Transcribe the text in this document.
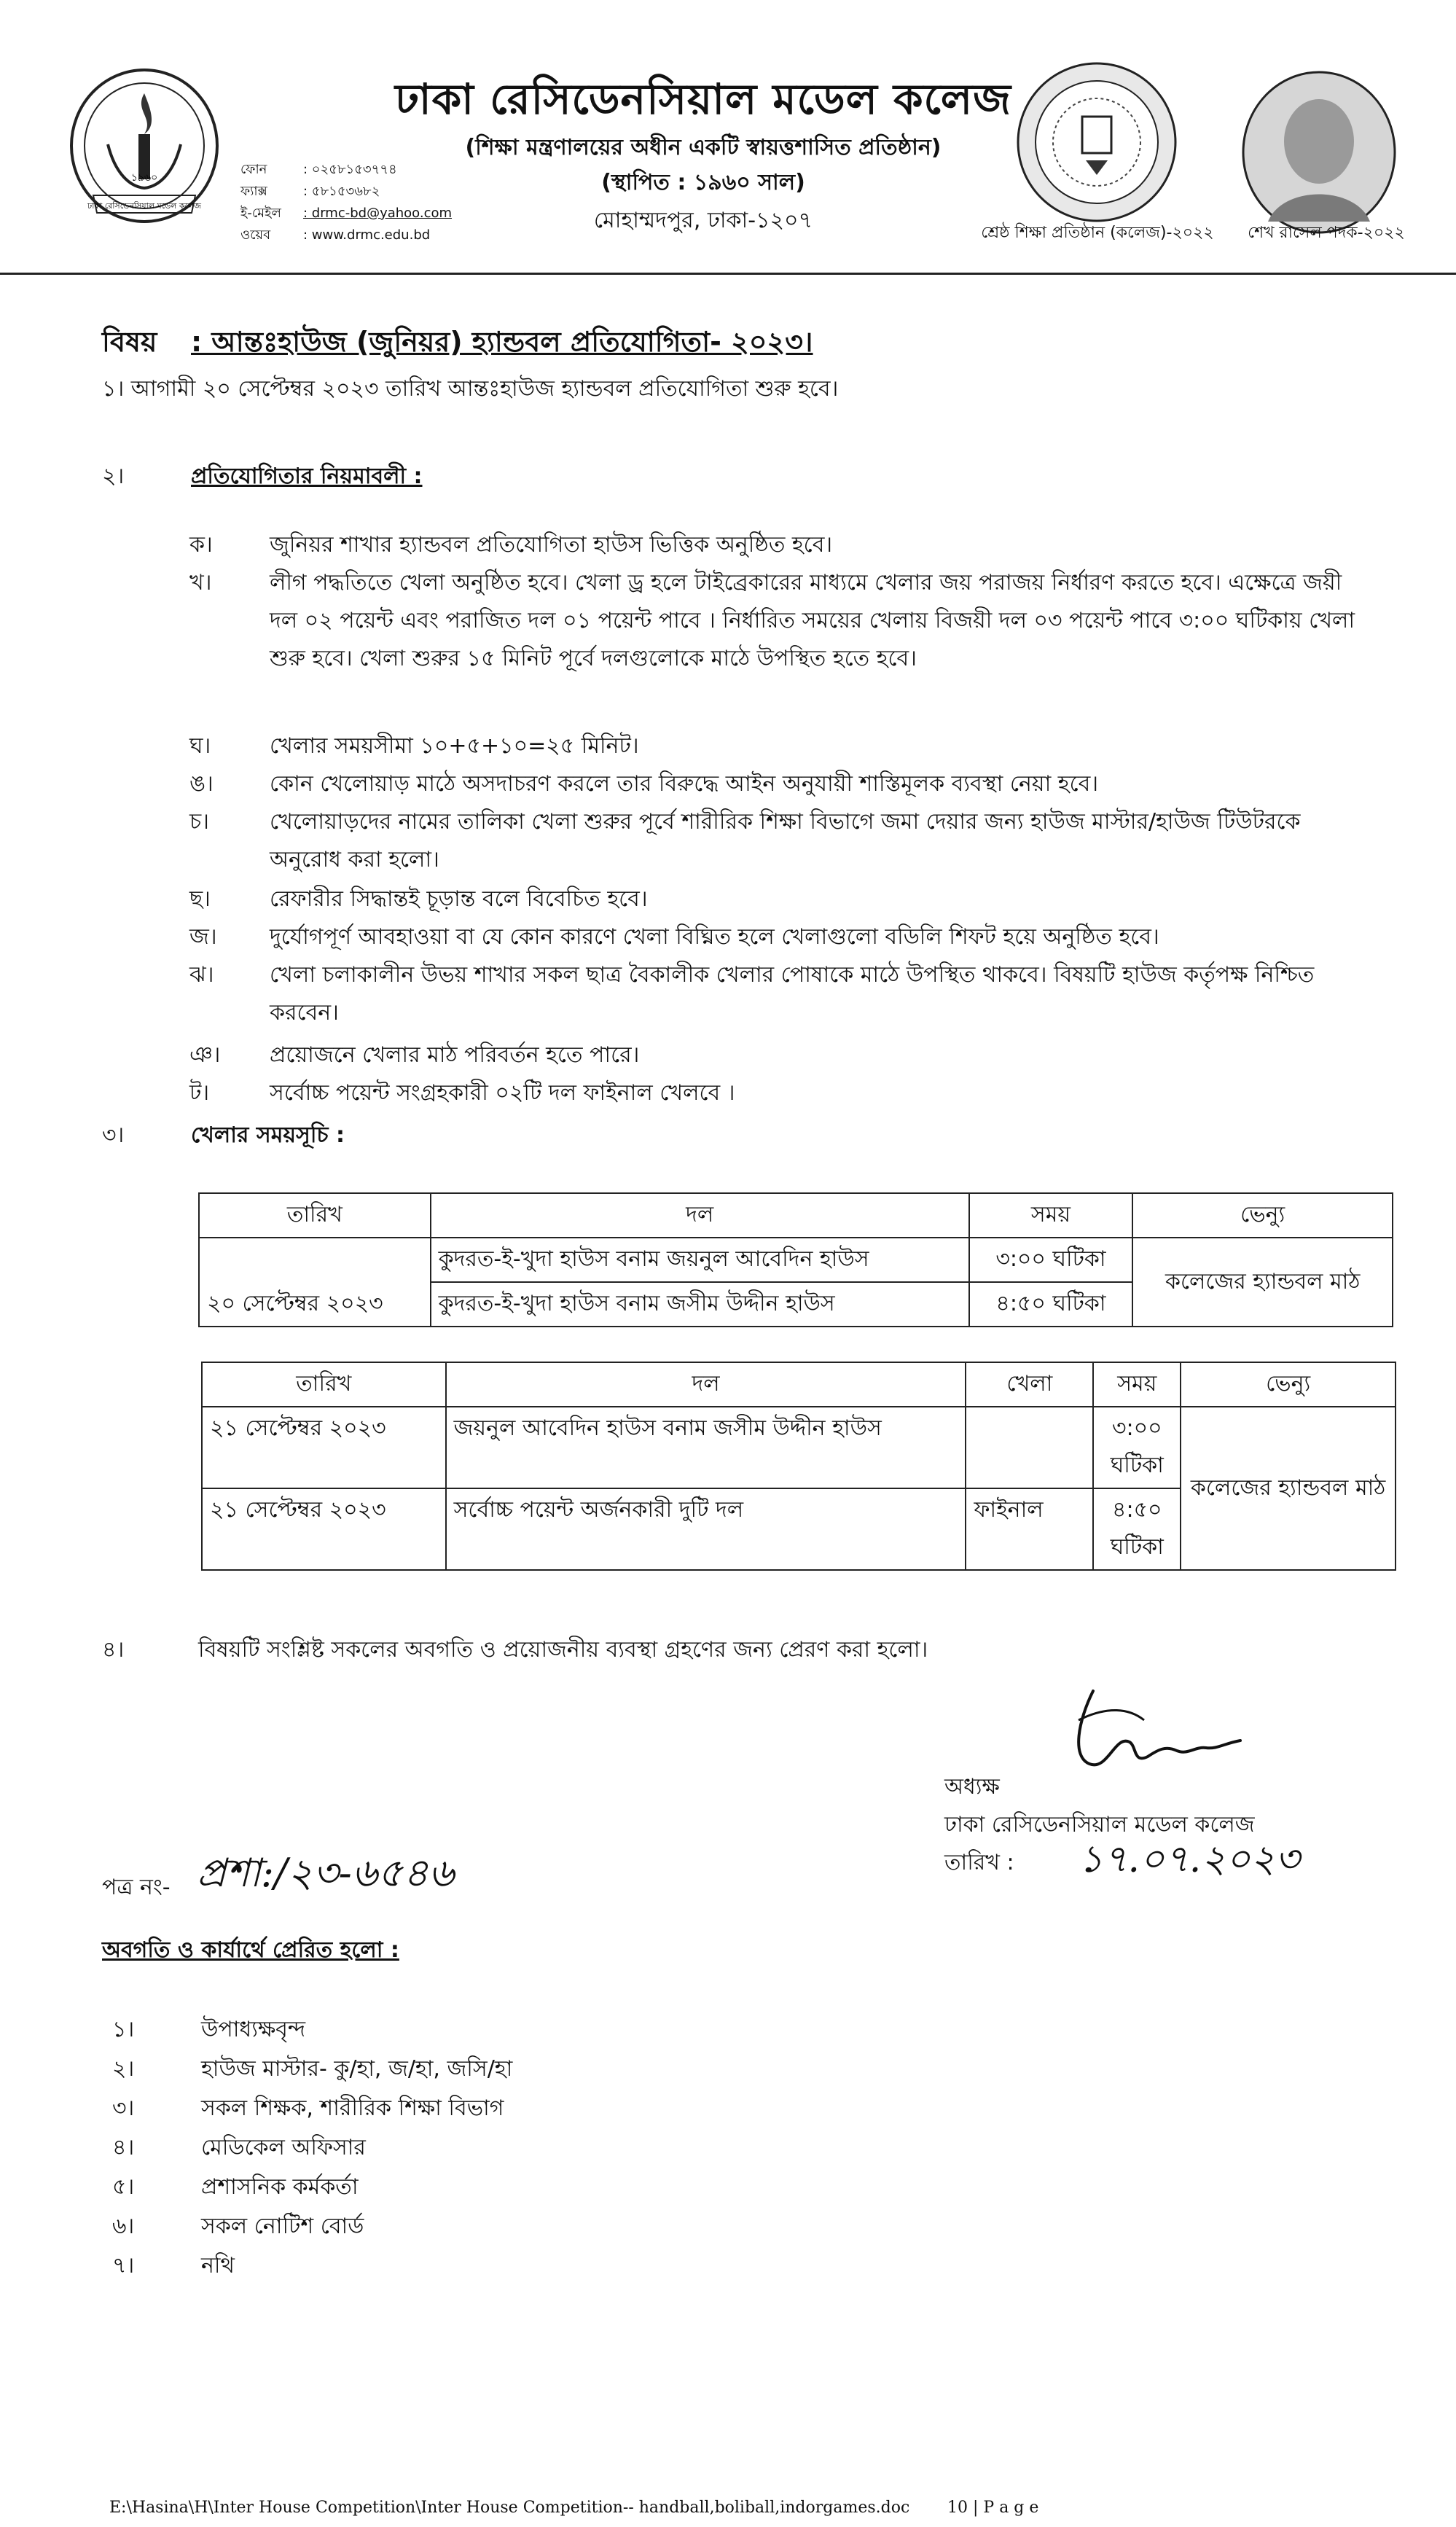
ঢাকা রেসিডেনসিয়াল মডেল কলেজ
১৯৬০
ফোন	: ০২৫৮১৫৩৭৭৪
ফ্যাক্স	: ৫৮১৫৩৬৮২
ই-মেইল	: drmc-bd@yahoo.com
ওয়েব	: www.drmc.edu.bd
ঢাকা রেসিডেনসিয়াল মডেল কলেজ
(শিক্ষা মন্ত্রণালয়ের অধীন একটি স্বায়ত্তশাসিত প্রতিষ্ঠান)
(স্থাপিত : ১৯৬০ সাল)
মোহাম্মদপুর, ঢাকা-১২০৭	শ্রেষ্ঠ শিক্ষা প্রতিষ্ঠান (কলেজ)-২০২২	শেখ রাসেল পদক-২০২২
বিষয় : আন্তঃহাউজ (জুনিয়র) হ্যান্ডবল প্রতিযোগিতা- ২০২৩।
১। আগামী ২০ সেপ্টেম্বর ২০২৩ তারিখ আন্তঃহাউজ হ্যান্ডবল প্রতিযোগিতা শুরু হবে।
২।	প্রতিযোগিতার নিয়মাবলী :
ক।	জুনিয়র শাখার হ্যান্ডবল প্রতিযোগিতা হাউস ভিত্তিক অনুষ্ঠিত হবে।
খ।	লীগ পদ্ধতিতে খেলা অনুষ্ঠিত হবে। খেলা ড্র হলে টাইব্রেকারের মাধ্যমে খেলার জয় পরাজয় নির্ধারণ করতে হবে। এক্ষেত্রে জয়ী দল ০২ পয়েন্ট এবং পরাজিত দল ০১ পয়েন্ট পাবে । নির্ধারিত সময়ের খেলায় বিজয়ী দল ০৩ পয়েন্ট পাবে ৩:০০ ঘটিকায় খেলা শুরু হবে। খেলা শুরুর ১৫ মিনিট পূর্বে দলগুলোকে মাঠে উপস্থিত হতে হবে।
ঘ।	খেলার সময়সীমা ১০+৫+১০=২৫ মিনিট।
ঙ।	কোন খেলোয়াড় মাঠে অসদাচরণ করলে তার বিরুদ্ধে আইন অনুযায়ী শাস্তিমূলক ব্যবস্থা নেয়া হবে।
চ।	খেলোয়াড়দের নামের তালিকা খেলা শুরুর পূর্বে শারীরিক শিক্ষা বিভাগে জমা দেয়ার জন্য হাউজ মাস্টার/হাউজ টিউটরকে অনুরোধ করা হলো।
ছ।	রেফারীর সিদ্ধান্তই চূড়ান্ত বলে বিবেচিত হবে।
জ।	দুর্যোগপূর্ণ আবহাওয়া বা যে কোন কারণে খেলা বিঘ্নিত হলে খেলাগুলো বডিলি শিফট হয়ে অনুষ্ঠিত হবে।
ঝ।	খেলা চলাকালীন উভয় শাখার সকল ছাত্র বৈকালীক খেলার পোষাকে মাঠে উপস্থিত থাকবে। বিষয়টি হাউজ কর্তৃপক্ষ নিশ্চিত করবেন।
ঞ।	প্রয়োজনে খেলার মাঠ পরিবর্তন হতে পারে।
ট।	সর্বোচ্চ পয়েন্ট সংগ্রহকারী ০২টি দল ফাইনাল খেলবে ।
৩।	খেলার সময়সূচি :
তারিখ	দল	সময়	ভেন্যু
২০ সেপ্টেম্বর ২০২৩	কুদরত-ই-খুদা হাউস বনাম জয়নুল আবেদিন হাউস	৩:০০ ঘটিকা	কলেজের হ্যান্ডবল মাঠ
	কুদরত-ই-খুদা হাউস বনাম জসীম উদ্দীন হাউস	৪:৫০ ঘটিকা	
তারিখ	দল	খেলা	সময়	ভেন্যু
২১ সেপ্টেম্বর ২০২৩	জয়নুল আবেদিন হাউস বনাম জসীম উদ্দীন হাউস		৩:০০ ঘটিকা	কলেজের হ্যান্ডবল মাঠ
২১ সেপ্টেম্বর ২০২৩	সর্বোচ্চ পয়েন্ট অর্জনকারী দুটি দল	ফাইনাল	৪:৫০ ঘটিকা	
৪।	বিষয়টি সংশ্লিষ্ট সকলের অবগতি ও প্রয়োজনীয় ব্যবস্থা গ্রহণের জন্য প্রেরণ করা হলো।
অধ্যক্ষ
ঢাকা রেসিডেনসিয়াল মডেল কলেজ
তারিখ : ১৭.০৭.২০২৩
পত্র নং- প্রশা:/২৩-৬৫৪৬
অবগতি ও কার্যার্থে প্রেরিত হলো :
১।	উপাধ্যক্ষবৃন্দ
২।	হাউজ মাস্টার- কু/হা, জ/হা, জসি/হা
৩।	সকল শিক্ষক, শারীরিক শিক্ষা বিভাগ
৪।	মেডিকেল অফিসার
৫।	প্রশাসনিক কর্মকর্তা
৬।	সকল নোটিশ বোর্ড
৭।	নথি
E:\Hasina\H\Inter House Competition\Inter House Competition-- handball,boliball,indorgames.doc 10 | P a g e
